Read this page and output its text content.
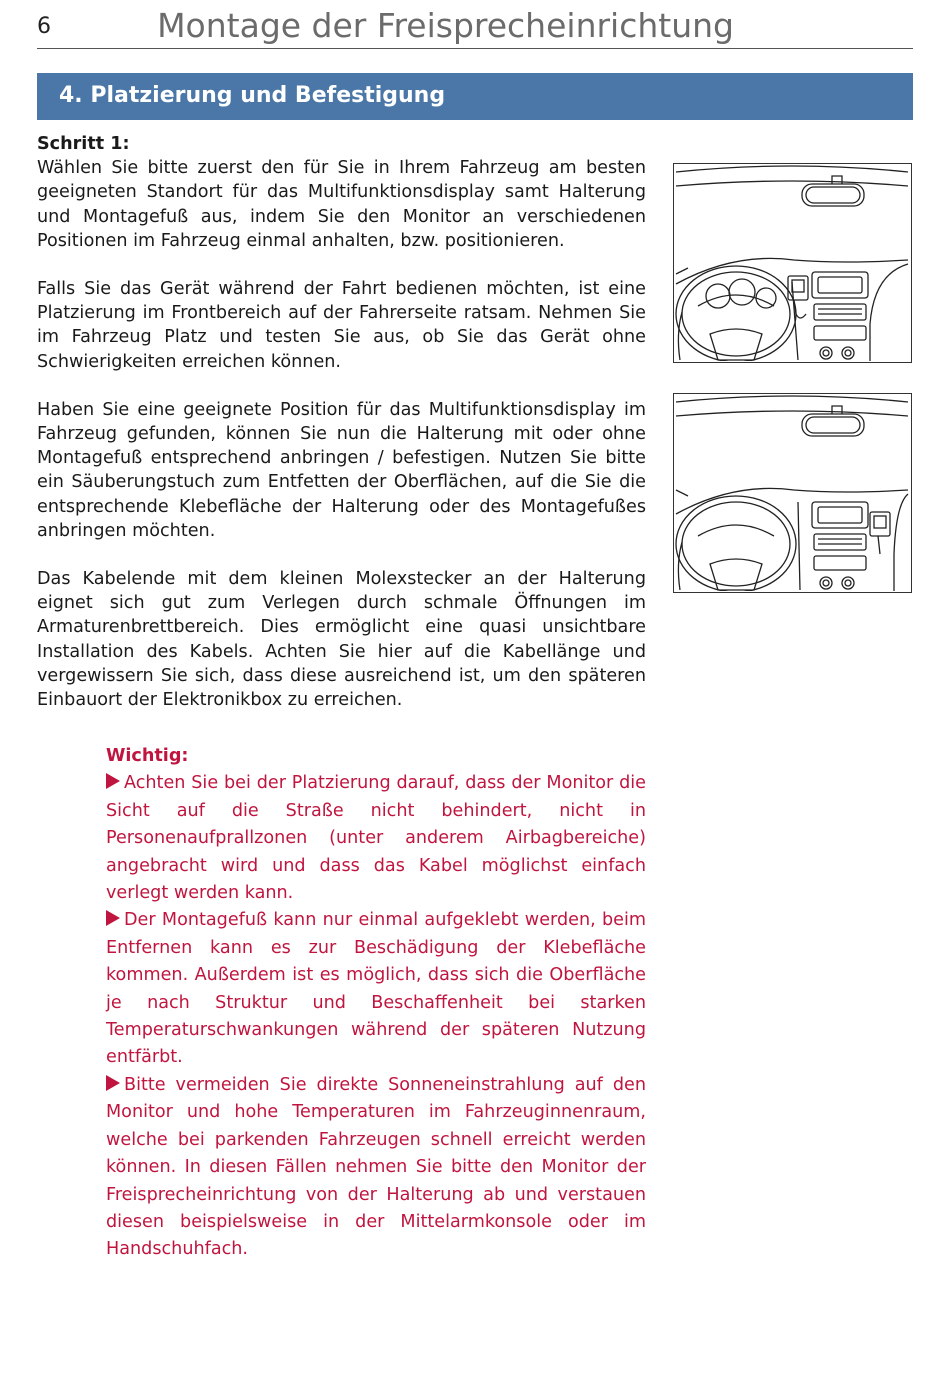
6	Montage der Freisprecheinrichtung
4. Platzierung und Befestigung
Schritt 1:

Wählen Sie bitte zuerst den für Sie in Ihrem Fahrzeug am besten geeigneten Standort für das Multifunktionsdisplay samt Halterung und Montagefuß aus, indem Sie den Monitor an verschiedenen Positionen im Fahrzeug einmal anhalten, bzw. positionieren.

Falls Sie das Gerät während der Fahrt bedienen möchten, ist eine Platzierung im Frontbereich auf der Fahrerseite ratsam. Nehmen Sie im Fahrzeug Platz und testen Sie aus, ob Sie das Gerät ohne Schwierigkeiten erreichen können.

Haben Sie eine geeignete Position für das Multifunktionsdisplay im Fahrzeug gefunden, können Sie nun die Halterung mit oder ohne Montagefuß entsprechend anbringen / befestigen. Nutzen Sie bitte ein Säuberungstuch zum Entfetten der Oberflächen, auf die Sie die entsprechende Klebefläche der Halterung oder des Montagefußes anbringen möchten.

Das Kabelende mit dem kleinen Molexstecker an der Halterung eignet sich gut zum Verlegen durch schmale Öffnungen im Armaturenbrettbereich. Dies ermöglicht eine quasi unsichtbare Installation des Kabels. Achten Sie hier auf die Kabellänge und vergewissern Sie sich, dass diese ausreichend ist, um den späteren Einbauort der Elektronikbox zu erreichen.

Wichtig:

Achten Sie bei der Platzierung darauf, dass der Monitor die Sicht auf die Straße nicht behindert, nicht in Personenaufprallzonen (unter anderem Airbagbereiche) angebracht wird und dass das Kabel möglichst einfach verlegt werden kann.

Der Montagefuß kann nur einmal aufgeklebt werden, beim Entfernen kann es zur Beschädigung der Klebefläche kommen. Außerdem ist es möglich, dass sich die Oberfläche je nach Struktur und Beschaffenheit bei starken Temperaturschwankungen während der späteren Nutzung entfärbt.

Bitte vermeiden Sie direkte Sonneneinstrahlung auf den Monitor und hohe Temperaturen im Fahrzeuginnenraum, welche bei parkenden Fahrzeugen schnell erreicht werden können. In diesen Fällen nehmen Sie bitte den Monitor der Freisprecheinrichtung von der Halterung ab und verstauen diesen beispielsweise in der Mittelarmkonsole oder im Handschuhfach.
